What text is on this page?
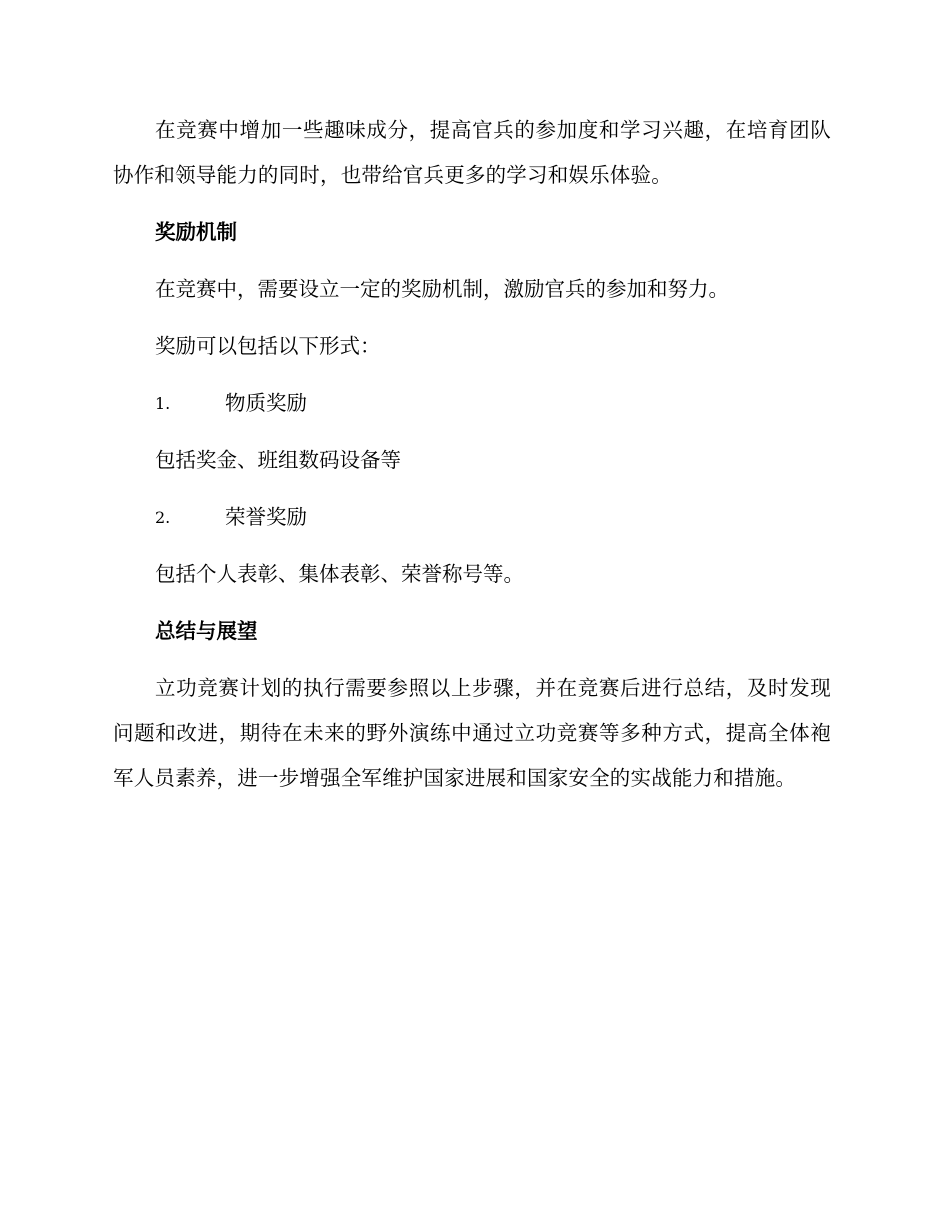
在竞赛中增加一些趣味成分，提高官兵的参加度和学习兴趣，在培育团队协作和领导能力的同时，也带给官兵更多的学习和娱乐体验。

奖励机制
在竞赛中，需要设立一定的奖励机制，激励官兵的参加和努力。
奖励可以包括以下形式：
1.	物质奖励
包括奖金、班组数码设备等
2.	荣誉奖励
包括个人表彰、集体表彰、荣誉称号等。
总结与展望

立功竞赛计划的执行需要参照以上步骤，并在竞赛后进行总结，及时发现问题和改进，期待在未来的野外演练中通过立功竞赛等多种方式，提高全体袍军人员素养，进一步增强全军维护国家进展和国家安全的实战能力和措施。
